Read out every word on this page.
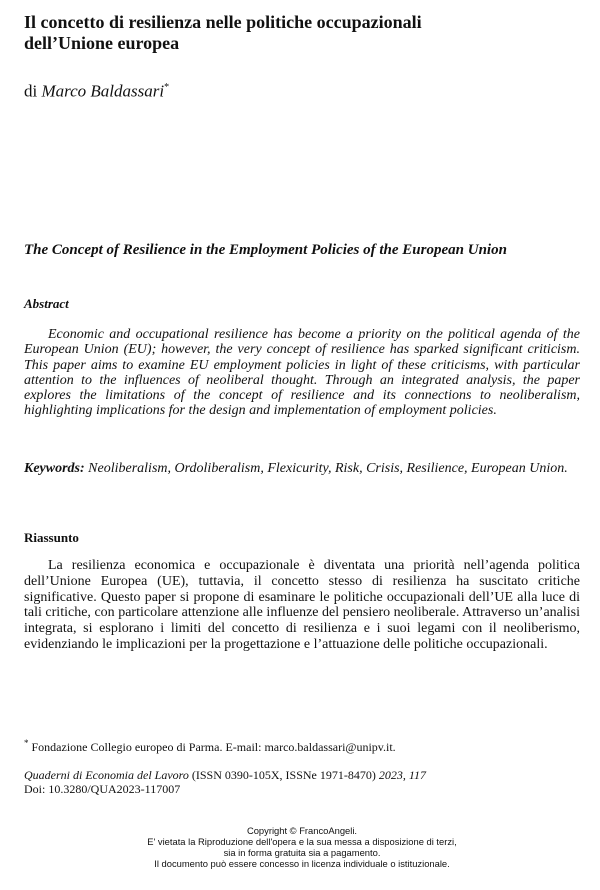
Il concetto di resilienza nelle politiche occupazionali
dell’Unione europea

di Marco Baldassari*

The Concept of Resilience in the Employment Policies of the European Union
Abstract

Economic and occupational resilience has become a priority on the political agenda of the European Union (EU); however, the very concept of resilience has sparked significant criticism. This paper aims to examine EU employment policies in light of these criticisms, with particular attention to the influences of neoliberal thought. Through an integrated analysis, the paper explores the limitations of the concept of resilience and its connections to neoliberalism, highlighting implications for the design and implementation of employment policies.

Keywords: Neoliberalism, Ordoliberalism, Flexicurity, Risk, Crisis, Resilience, European Union.

Riassunto

La resilienza economica e occupazionale è diventata una priorità nell’agenda politica dell’Unione Europea (UE), tuttavia, il concetto stesso di resilienza ha suscitato critiche significative. Questo paper si propone di esaminare le politiche occupazionali dell’UE alla luce di tali critiche, con particolare attenzione alle influenze del pensiero neoliberale. Attraverso un’analisi integrata, si esplorano i limiti del concetto di resilienza e i suoi legami con il neoliberismo, evidenziando le implicazioni per la progettazione e l’attuazione delle politiche occupazionali.

* Fondazione Collegio europeo di Parma. E-mail: marco.baldassari@unipv.it.

Quaderni di Economia del Lavoro (ISSN 0390-105X, ISSNe 1971-8470) 2023, 117
Doi: 10.3280/QUA2023-117007

Copyright © FrancoAngeli.
E' vietata la Riproduzione dell'opera e la sua messa a disposizione di terzi,
sia in forma gratuita sia a pagamento.
Il documento può essere concesso in licenza individuale o istituzionale.
